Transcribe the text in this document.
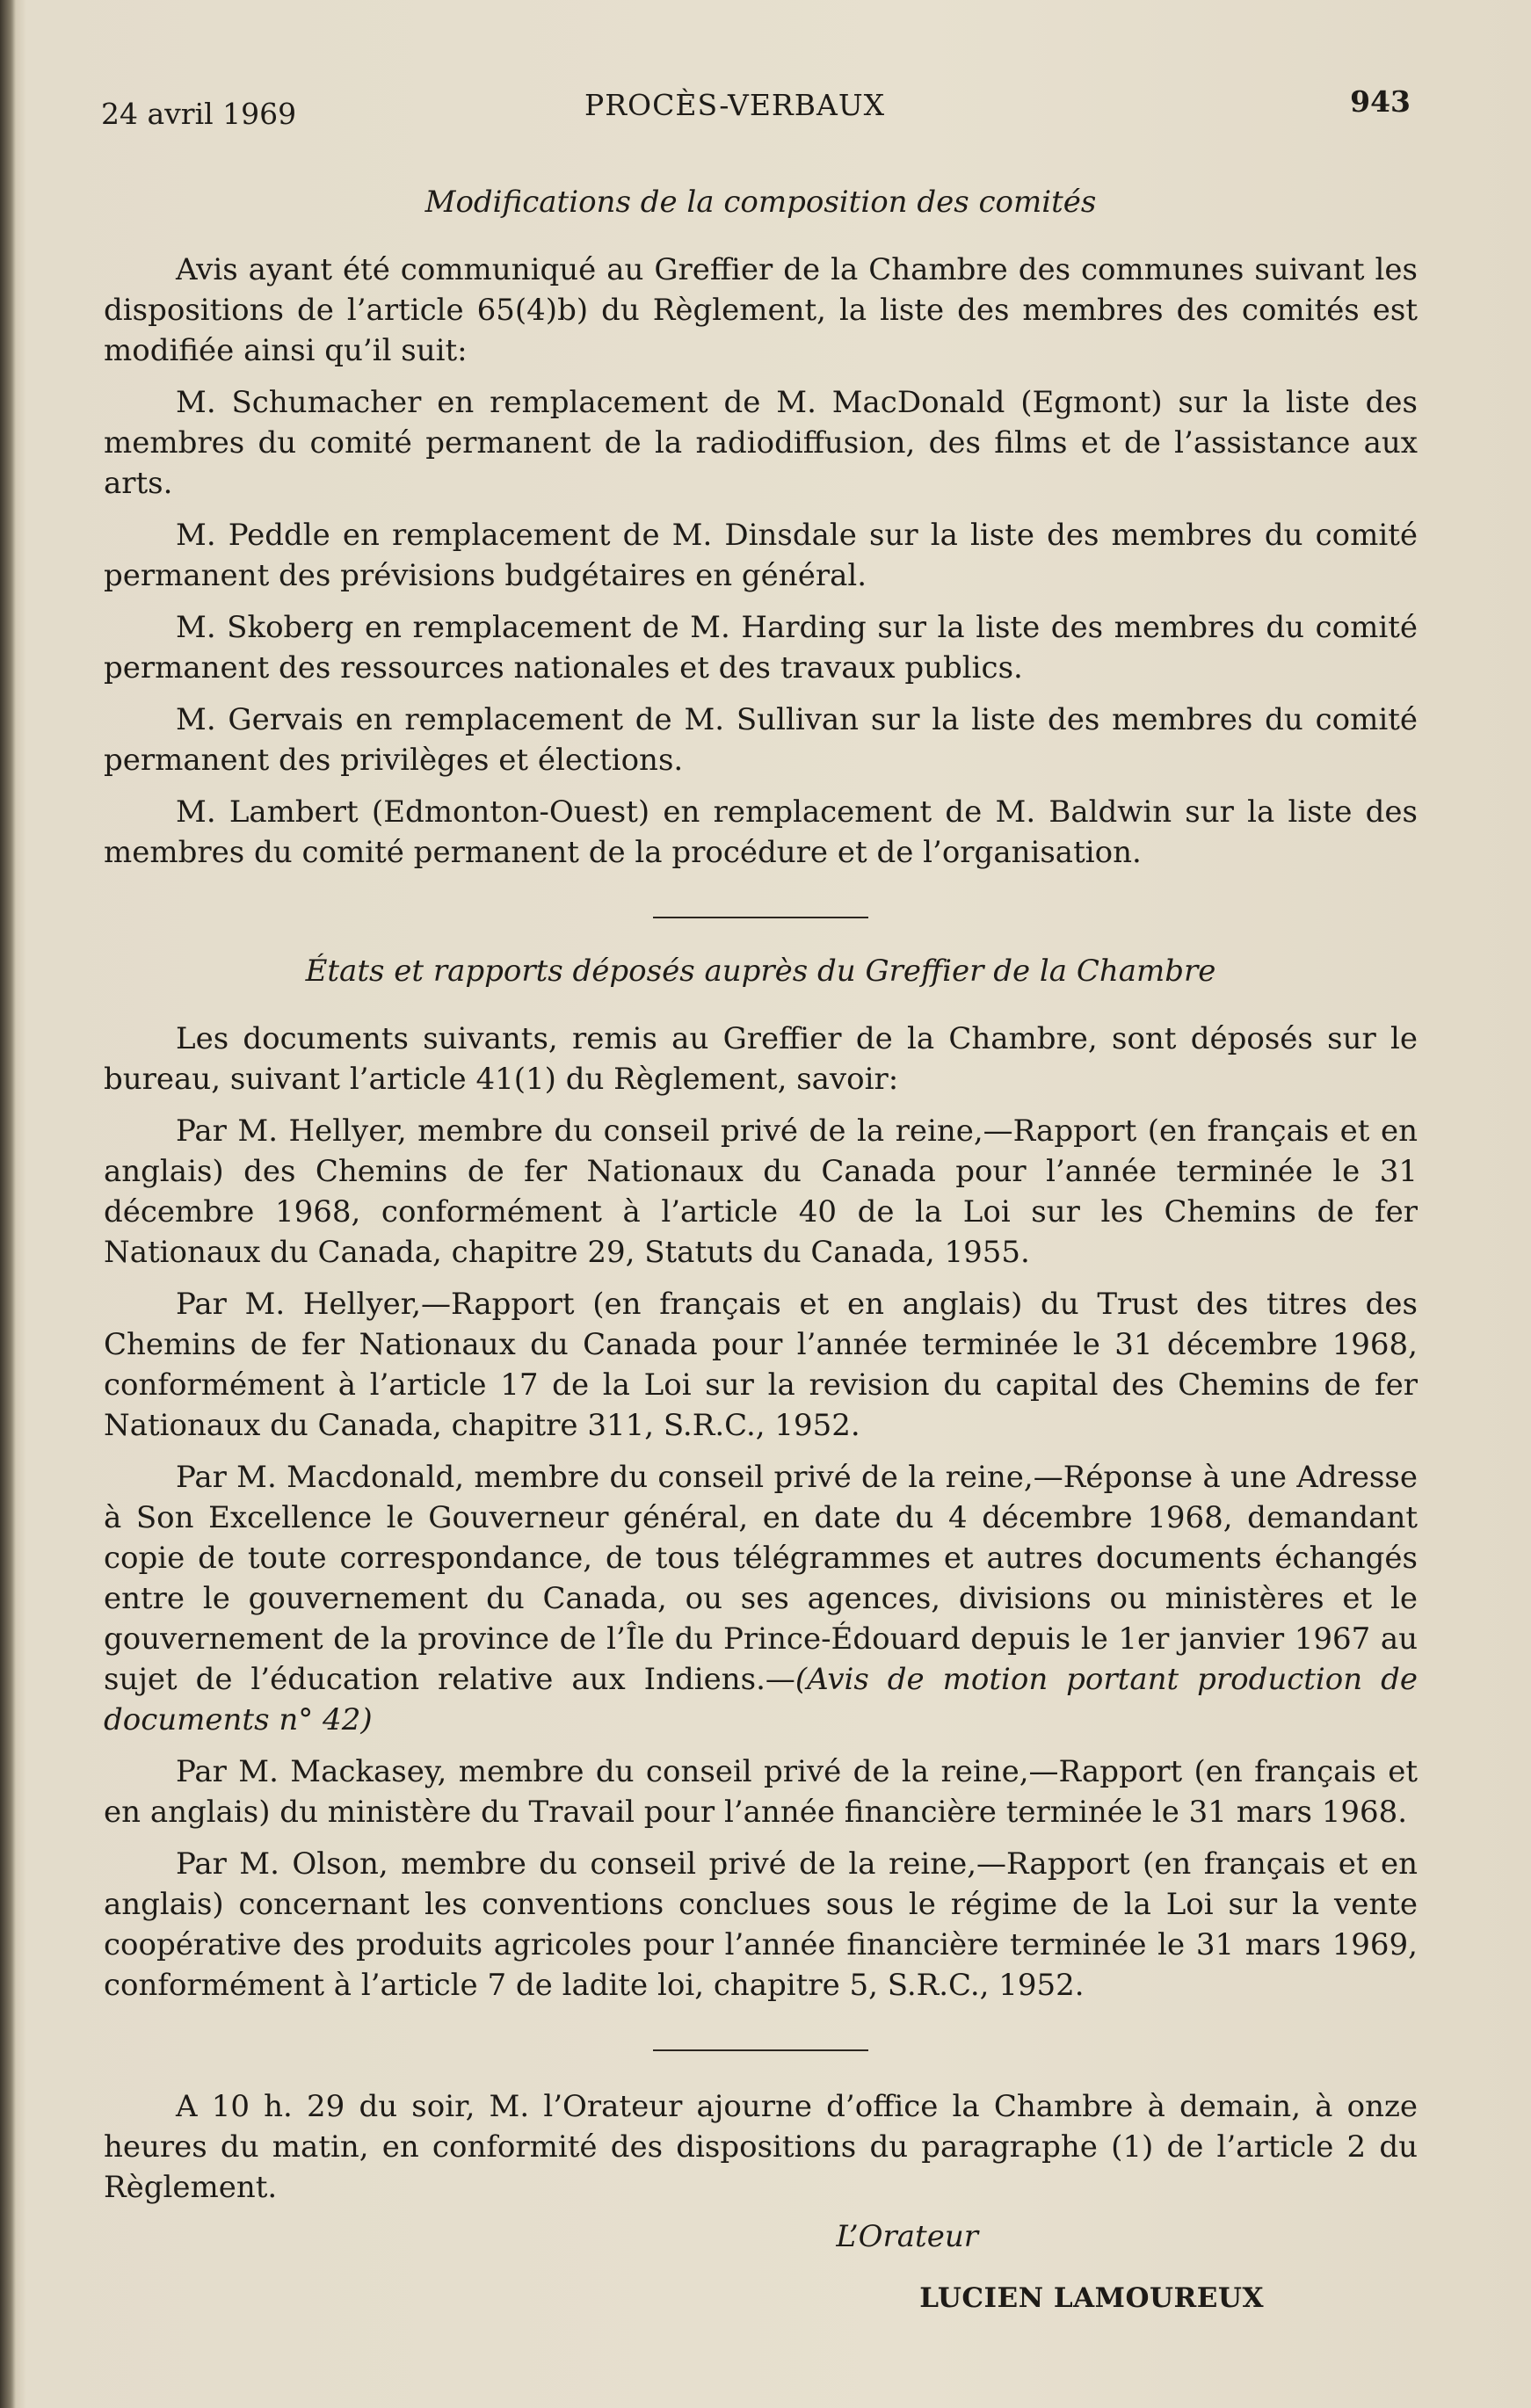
24 avril 1969	PROCÈS-VERBAUX	943
Modifications de la composition des comités

Avis ayant été communiqué au Greffier de la Chambre des communes suivant les dispositions de l’article 65(4)b) du Règlement, la liste des membres des comités est modifiée ainsi qu’il suit:

M. Schumacher en remplacement de M. MacDonald (Egmont) sur la liste des membres du comité permanent de la radiodiffusion, des films et de l’assistance aux arts.

M. Peddle en remplacement de M. Dinsdale sur la liste des membres du comité permanent des prévisions budgétaires en général.

M. Skoberg en remplacement de M. Harding sur la liste des membres du comité permanent des ressources nationales et des travaux publics.

M. Gervais en remplacement de M. Sullivan sur la liste des membres du comité permanent des privilèges et élections.

M. Lambert (Edmonton-Ouest) en remplacement de M. Baldwin sur la liste des membres du comité permanent de la procédure et de l’organisation.

États et rapports déposés auprès du Greffier de la Chambre

Les documents suivants, remis au Greffier de la Chambre, sont déposés sur le bureau, suivant l’article 41(1) du Règlement, savoir:

Par M. Hellyer, membre du conseil privé de la reine,—Rapport (en français et en anglais) des Chemins de fer Nationaux du Canada pour l’année terminée le 31 décembre 1968, conformément à l’article 40 de la Loi sur les Chemins de fer Nationaux du Canada, chapitre 29, Statuts du Canada, 1955.

Par M. Hellyer,—Rapport (en français et en anglais) du Trust des titres des Chemins de fer Nationaux du Canada pour l’année terminée le 31 décembre 1968, conformément à l’article 17 de la Loi sur la revision du capital des Chemins de fer Nationaux du Canada, chapitre 311, S.R.C., 1952.

Par M. Macdonald, membre du conseil privé de la reine,—Réponse à une Adresse à Son Excellence le Gouverneur général, en date du 4 décembre 1968, demandant copie de toute correspondance, de tous télégrammes et autres documents échangés entre le gouvernement du Canada, ou ses agences, divisions ou ministères et le gouvernement de la province de l’Île du Prince-Édouard depuis le 1er janvier 1967 au sujet de l’éducation relative aux Indiens.—(Avis de motion portant production de documents n° 42)

Par M. Mackasey, membre du conseil privé de la reine,—Rapport (en français et en anglais) du ministère du Travail pour l’année financière terminée le 31 mars 1968.

Par M. Olson, membre du conseil privé de la reine,—Rapport (en français et en anglais) concernant les conventions conclues sous le régime de la Loi sur la vente coopérative des produits agricoles pour l’année financière terminée le 31 mars 1969, conformément à l’article 7 de ladite loi, chapitre 5, S.R.C., 1952.

A 10 h. 29 du soir, M. l’Orateur ajourne d’office la Chambre à demain, à onze heures du matin, en conformité des dispositions du paragraphe (1) de l’article 2 du Règlement.

L’Orateur
LUCIEN LAMOUREUX
